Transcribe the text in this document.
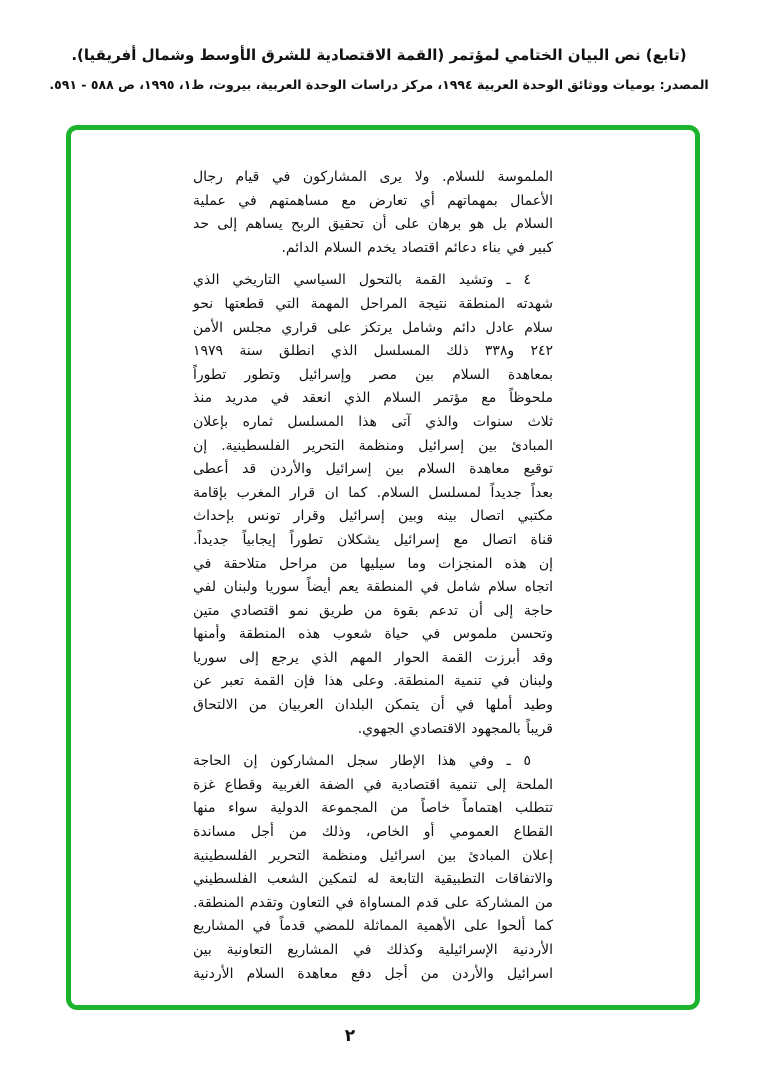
(تابع) نص البيان الختامي لمؤتمر (القمة الاقتصادية للشرق الأوسط وشمال أفريقيا).
المصدر: يوميات ووثائق الوحدة العربية ١٩٩٤، مركز دراسات الوحدة العربية، بيروت، ط١، ١٩٩٥، ص ٥٨٨ - ٥٩١.
الملموسة للسلام. ولا يرى المشاركون في قيام رجال
الأعمال بمهماتهم أي تعارض مع مساهمتهم في عملية
السلام بل هو برهان على أن تحقيق الربح يساهم إلى حد
كبير في بناء دعائم اقتصاد يخدم السلام الدائم.
٤ ـ وتشيد القمة بالتحول السياسي التاريخي الذي
شهدته المنطقة نتيجة المراحل المهمة التي قطعتها نحو
سلام عادل دائم وشامل يرتكز على قراري مجلس الأمن
٢٤٢ و٣٣٨ ذلك المسلسل الذي انطلق سنة ١٩٧٩
بمعاهدة السلام بين مصر وإسرائيل وتطور تطوراً
ملحوظاً مع مؤتمر السلام الذي انعقد في مدريد منذ
ثلاث سنوات والذي آتى هذا المسلسل ثماره بإعلان
المبادئ بين إسرائيل ومنظمة التحرير الفلسطينية. إن
توقيع معاهدة السلام بين إسرائيل والأردن قد أعطى
بعداً جديداً لمسلسل السلام. كما ان قرار المغرب بإقامة
مكتبي اتصال بينه وبين إسرائيل وقرار تونس بإحداث
قناة اتصال مع إسرائيل يشكلان تطوراً إيجابياً جديداً.
إن هذه المنجزات وما سيليها من مراحل متلاحقة في
اتجاه سلام شامل في المنطقة يعم أيضاً سوريا ولبنان لفي
حاجة إلى أن تدعم بقوة من طريق نمو اقتصادي متين
وتحسن ملموس في حياة شعوب هذه المنطقة وأمنها
وقد أبرزت القمة الحوار المهم الذي يرجع إلى سوريا
ولبنان في تنمية المنطقة. وعلى هذا فإن القمة تعبر عن
وطيد أملها في أن يتمكن البلدان العربيان من الالتحاق
قريباً بالمجهود الاقتصادي الجهوي.
٥ ـ وفي هذا الإطار سجل المشاركون إن الحاجة
الملحة إلى تنمية اقتصادية في الضفة الغربية وقطاع غزة
تتطلب اهتماماً خاصاً من المجموعة الدولية سواء منها
القطاع العمومي أو الخاص، وذلك من أجل مساندة
إعلان المبادئ بين اسرائيل ومنظمة التحرير الفلسطينية
والاتفاقات التطبيقية التابعة له لتمكين الشعب الفلسطيني
من المشاركة على قدم المساواة في التعاون وتقدم المنطقة.
كما ألحوا على الأهمية المماثلة للمضي قدماً في المشاريع
الأردنية الإسرائيلية وكذلك في المشاريع التعاونية بين
اسرائيل والأردن من أجل دفع معاهدة السلام الأردنية
٢
